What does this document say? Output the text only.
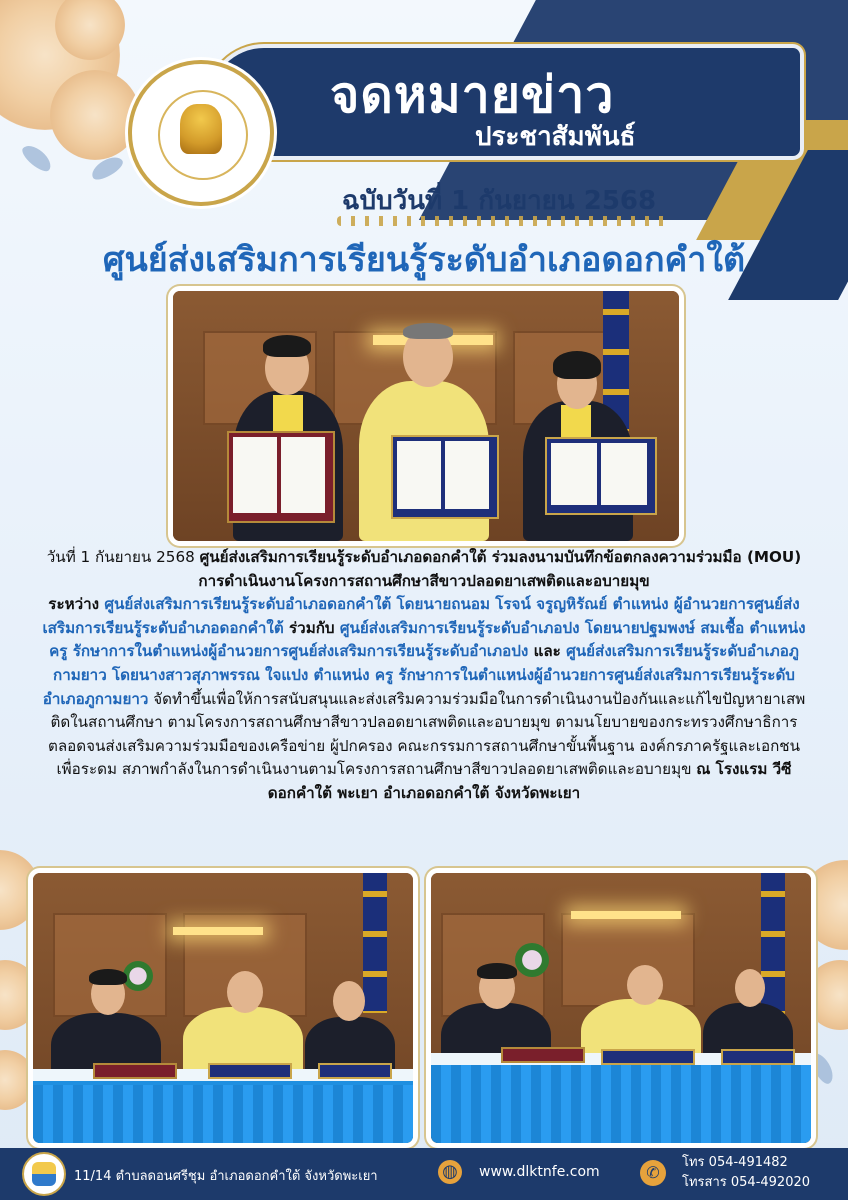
จดหมายข่าว
ประชาสัมพันธ์
ฉบับวันที่ 1 กันยายน 2568
ศูนย์ส่งเสริมการเรียนรู้ระดับอำเภอดอกคำใต้
วันที่ 1 กันยายน 2568 ศูนย์ส่งเสริมการเรียนรู้ระดับอำเภอดอกคำใต้ ร่วมลงนามบันทึกข้อตกลงความร่วมมือ (MOU) การดำเนินงานโครงการสถานศึกษาสีขาวปลอดยาเสพติดและอบายมุข
ระหว่าง ศูนย์ส่งเสริมการเรียนรู้ระดับอำเภอดอกคำใต้ โดยนายถนอม โรจน์ จรูญหิรัณย์ ตำแหน่ง ผู้อำนวยการศูนย์ส่งเสริมการเรียนรู้ระดับอำเภอดอกคำใต้ ร่วมกับ ศูนย์ส่งเสริมการเรียนรู้ระดับอำเภอปง โดยนายปฐมพงษ์ สมเชื้อ ตำแหน่ง ครู รักษาการในตำแหน่งผู้อำนวยการศูนย์ส่งเสริมการเรียนรู้ระดับอำเภอปง และ ศูนย์ส่งเสริมการเรียนรู้ระดับอำเภอภูกามยาว โดยนางสาวสุภาพรรณ ใจแปง ตำแหน่ง ครู รักษาการในตำแหน่งผู้อำนวยการศูนย์ส่งเสริมการเรียนรู้ระดับอำเภอภูกามยาว จัดทำขึ้นเพื่อให้การสนับสนุนและส่งเสริมความร่วมมือในการดำเนินงานป้องกันและแก้ไขปัญหายาเสพติดในสถานศึกษา ตามโครงการสถานศึกษาสีขาวปลอดยาเสพติดและอบายมุข ตามนโยบายของกระทรวงศึกษาธิการ ตลอดจนส่งเสริมความร่วมมือของเครือข่าย ผู้ปกครอง คณะกรรมการสถานศึกษาขั้นพื้นฐาน องค์กรภาครัฐและเอกชน เพื่อระดม สภาพกำลังในการดำเนินงานตามโครงการสถานศึกษาสีขาวปลอดยาเสพติดและอบายมุข ณ โรงแรม วีซี ดอกคำใต้ พะเยา อำเภอดอกคำใต้ จังหวัดพะเยา
11/14 ตำบลดอนศรีชุม อำเภอดอกคำใต้ จังหวัดพะเยา	◍ www.dlktnfe.com	✆
โทร 054-491482
โทรสาร 054-492020
